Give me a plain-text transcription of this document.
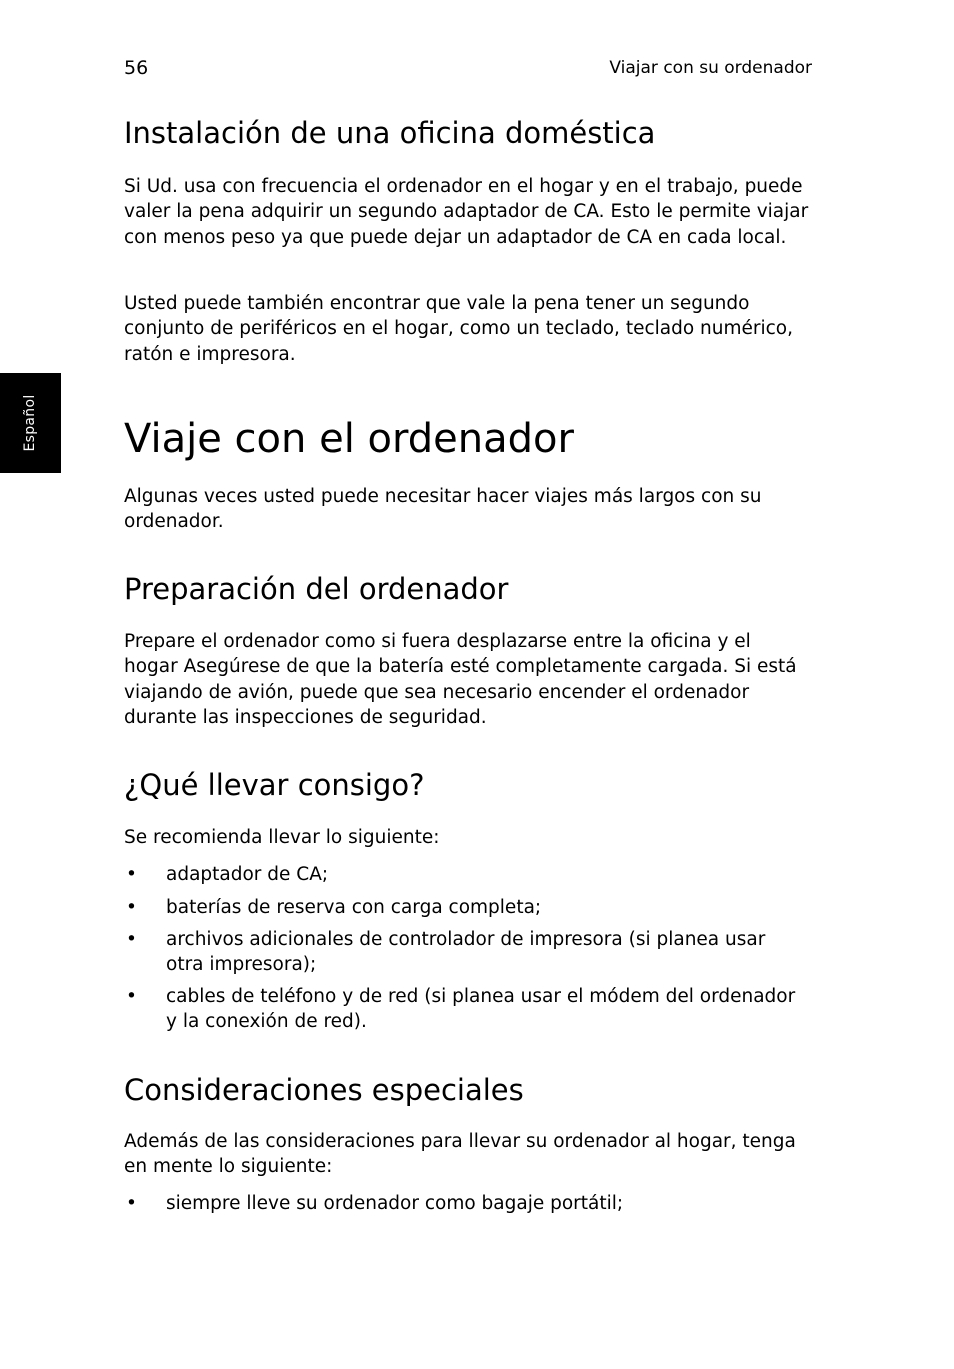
56	Viajar con su ordenador
Español
Instalación de una oficina doméstica

Si Ud. usa con frecuencia el ordenador en el hogar y en el trabajo, puede valer la pena adquirir un segundo adaptador de CA. Esto le permite viajar con menos peso ya que puede dejar un adaptador de CA en cada local.

Usted puede también encontrar que vale la pena tener un segundo conjunto de periféricos en el hogar, como un teclado, teclado numérico, ratón e impresora.

Viaje con el ordenador

Algunas veces usted puede necesitar hacer viajes más largos con su ordenador.

Preparación del ordenador

Prepare el ordenador como si fuera desplazarse entre la oficina y el hogar Asegúrese de que la batería esté completamente cargada. Si está viajando de avión, puede que sea necesario encender el ordenador durante las inspecciones de seguridad.

¿Qué llevar consigo?

Se recomienda llevar lo siguiente:

• adaptador de CA;
• baterías de reserva con carga completa;
• archivos adicionales de controlador de impresora (si planea usar otra impresora);
• cables de teléfono y de red (si planea usar el módem del ordenador y la conexión de red).
Consideraciones especiales

Además de las consideraciones para llevar su ordenador al hogar, tenga en mente lo siguiente:

• siempre lleve su ordenador como bagaje portátil;
